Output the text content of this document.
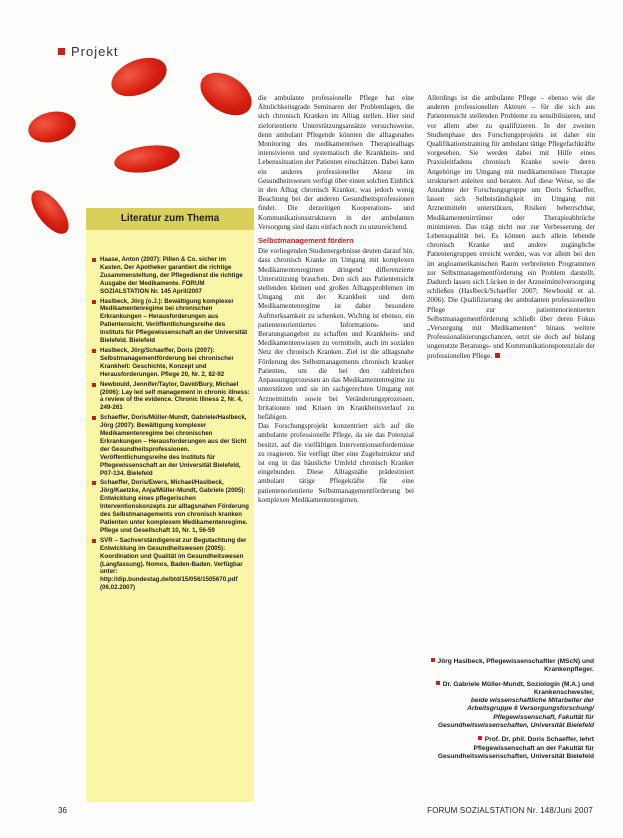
Projekt
Literatur zum Thema
Haase, Anton (2007): Pillen & Co. sicher im Kasten. Der Apotheker garantiert die richtige Zusammenstellung, der Pflegedienst die richtige Ausgabe der Medikamente. FORUM SOZIALSTATION Nr. 145 April/2007
Haslbeck, Jörg (o.J.): Bewältigung komplexer Medikamentenregime bei chronischen Erkrankungen – Herausforderungen aus Patientensicht. Veröffentlichungsreihe des Instituts für Pflegewissenschaft an der Universität Bielefeld. Bielefeld
Haslbeck, Jörg/Schaeffer, Doris (2007): Selbstmanagementförderung bei chronischer Krankheit: Geschichte, Konzept und Herausforderungen. Pflege 20, Nr. 2, 82-92
Newbould, Jennifer/Taylor, David/Bury, Michael (2006): Lay led self management in chronic illness: a review of the evidence. Chronic Illness 2, Nr. 4, 249-261
Schaeffer, Doris/Müller-Mundt, Gabriele/Haslbeck, Jörg (2007): Bewältigung komplexer Medikamentenregime bei chronischen Erkrankungen – Herausforderungen aus der Sicht der Gesundheitsprofessionen. Veröffentlichungsreihe des Instituts für Pflegewissenschaft an der Universität Bielefeld, P07-134. Bielefeld
Schaeffer, Doris/Ewers, Michael/Haslbeck, Jörg/Kaetzke, Anja/Müller-Mundt, Gabriele (2005): Entwicklung eines pflegerischen Interventionskonzepts zur alltagsnahen Förderung des Selbstmanagements von chronisch kranken Patienten unter komplexem Medikamentenregime. Pflege und Gesellschaft 10, Nr. 1, 56-59
SVR – Sachverständigenrat zur Begutachtung der Entwicklung im Gesundheitswesen (2005): Koordination und Qualität im Gesundheitswesen (Langfassung). Nomos, Baden-Baden. Verfügbar unter: http://dip.bundestag.de/btd/15/056/1505670.pdf (06.02.2007)

die ambulante professionelle Pflege hat eine Ähnlichkeitsgrade Seminaren der Problemlagen, die sich chronisch Kranken im Alltag stellen. Hier sind zielorientierte Unterstützungsansätze versuchsweise, denn ambulant Pflegende könnten die alltagsnahes Monitoring des medikamentösen Therapiealltags intensivieren und systematisch die Krankheits- und Lebenssituation der Patienten einschätzen. Dabei kann ein anderes professioneller Akteur im Gesundheitswesen verfügt über einen solchen Einblick in den Alltag chronisch Kranker, was jedoch wenig Beachtung bei der anderen Gesundheitsprofessionen findet. Die derzeitigen Kooperations- und Kommunikationsstrukturen in der ambulanten Versorgung sind dazu einfach noch zu unzureichend.

Selbstmanagement fördern

Die vorliegenden Studienergebnisse deuten darauf hin, dass chronisch Kranke im Umgang mit komplexen Medikamentenregimen dringend differenzierte Unterstützung brauchen. Den sich aus Patientensicht stellenden kleinen und großen Alltagsproblemen im Umgang mit der Krankheit und dem Medikamentenregime ist daher besondere Aufmerksamkeit zu schenken. Wichtig ist ebenso, ein patientenorientiertes Informations- und Beratungsangebot zu schaffen und Krankheits- und Medikamentenwissen zu vermitteln, auch im sozialen Netz der chronisch Kranken. Ziel ist die alltagsnahe Förderung des Selbstmanagements chronisch kranker Patienten, um die bei den zahlreichen Anpassungsprozessen an das Medikamentenregime zu unterstützen und sie im sachgerechten Umgang mit Arzneimitteln sowie bei Veränderungsprozessen, Irritationen und Krisen im Krankheitsverlauf zu befähigen.

Das Forschungsprojekt konzentriert sich auf die ambulante professionelle Pflege, da sie das Potenzial besitzt, auf die vielfältigen Interventionserfordernisse zu reagieren. Sie verfügt über eine Zugehstruktur und ist eng in das häusliche Umfeld chronisch Kranker eingebunden. Diese Alltagsnähe prädestiniert ambulant tätige Pflegekräfte für eine patientenorientierte Selbstmanagementförderung bei komplexen Medikamentenregimen.

Allerdings ist die ambulante Pflege – ebenso wie die anderen professionellen Akteure – für die sich aus Patientensicht stellenden Probleme zu sensibilisieren, und vor allem aber zu qualifizieren. In der zweiten Studienphase des Forschungsprojekts ist daher ein Qualifikationstraining für ambulant tätige Pflegefachkräfte vorgesehen. Sie werden dabei mit Hilfe eines Praxisleitfadens chronisch Kranke sowie deren Angehörige im Umgang mit medikamentösen Therapie strukturiert anleiten und beraten. Auf diese Weise, so die Annahme der Forschungsgruppe um Doris Schaeffer, lassen sich Selbstständigkeit im Umgang mit Arzneimitteln unterstützen, Risiken beherrschbar, Medikamentenirrtümer oder Therapieabbrüche minimieren. Das trägt nicht nur zur Verbesserung der Lebensqualität bei. Es können auch allein lebende chronisch Kranke und andere zugängliche Patientengruppen erreicht werden, was vor allem bei den im angloamerikanischen Raum verbreiteten Programmen zur Selbstmanagementförderung ein Problem darstellt. Dadurch lassen sich Lücken in der Arzneimittelversorgung schließen (Haslbeck/Schaeffer 2007; Newbould et al. 2006). Die Qualifizierung der ambulanten professionellen Pflege zur patientenorientierten Selbstmanagementförderung schließt über deren Fokus „Versorgung mit Medikamenten“ hinaus weitere Professionalisierungschancen, setzt sie doch auf bislang ungenutzte Beratungs- und Kommunikationspotenziale der professionellen Pflege.

Jörg Haslbeck, Pflegewissenschaftler (MScN) und Krankenpfleger.

Dr. Gabriele Müller-Mundt, Soziologin (M.A.) und Krankenschwester,
beide wissenschaftliche Mitarbeiter der Arbeitsgruppe 6 Versorgungsforschung/ Pflegewissenschaft, Fakultät für Gesundheitswissenschaften, Universität Bielefeld

Prof. Dr. phil. Doris Schaeffer, lehrt Pflegewissenschaft an der Fakultät für Gesundheitswissenschaften, Universität Bielefeld

36	FORUM SOZIALSTATION Nr. 148/Juni 2007
